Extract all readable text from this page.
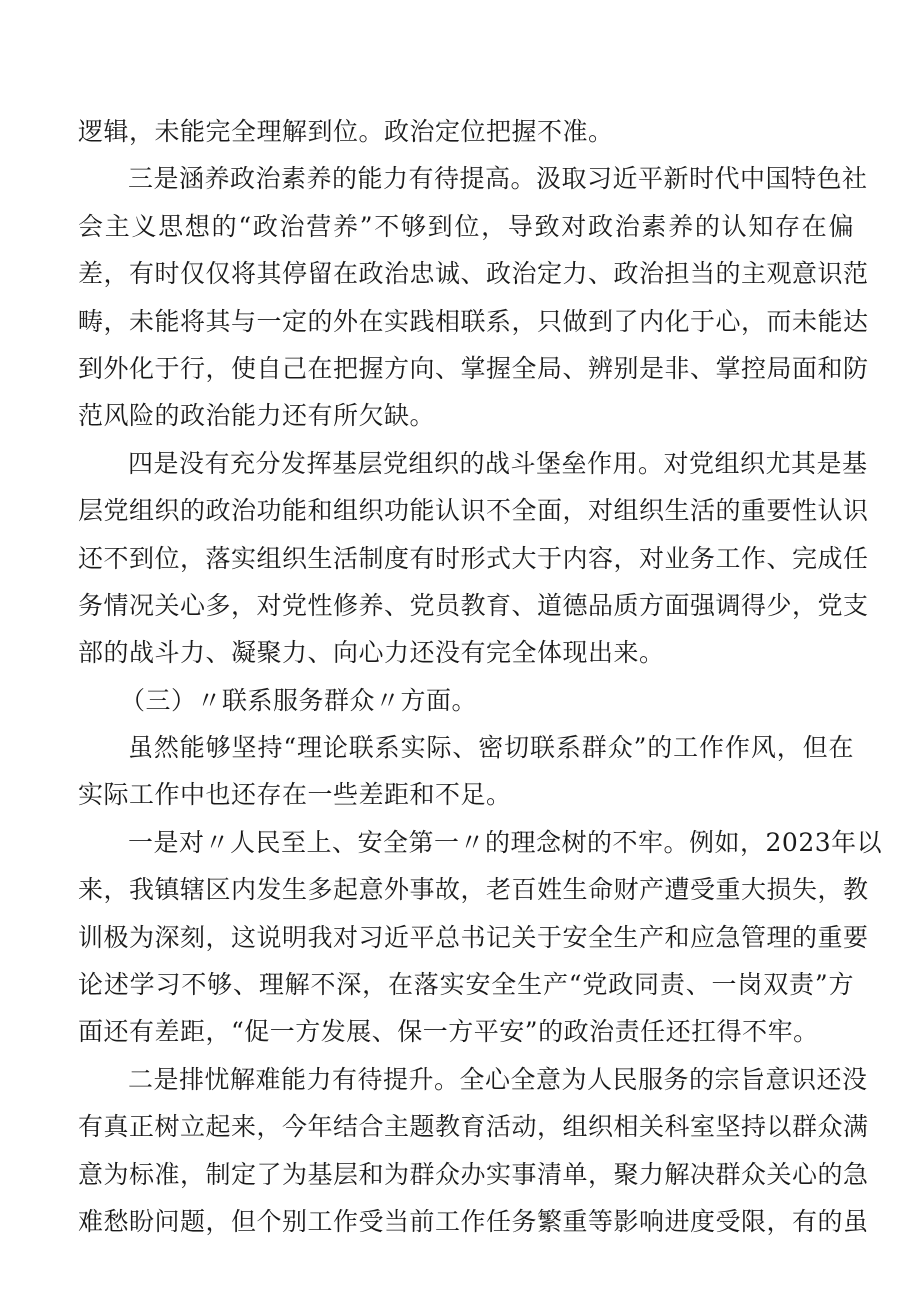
逻辑，未能完全理解到位。政治定位把握不准。
三是涵养政治素养的能力有待提高。汲取习近平新时代中国特色社
会主义思想的“政治营养”不够到位，导致对政治素养的认知存在偏
差，有时仅仅将其停留在政治忠诚、政治定力、政治担当的主观意识范
畴，未能将其与一定的外在实践相联系，只做到了内化于心，而未能达
到外化于行，使自己在把握方向、掌握全局、辨别是非、掌控局面和防
范风险的政治能力还有所欠缺。
四是没有充分发挥基层党组织的战斗堡垒作用。对党组织尤其是基
层党组织的政治功能和组织功能认识不全面，对组织生活的重要性认识
还不到位，落实组织生活制度有时形式大于内容，对业务工作、完成任
务情况关心多，对党性修养、党员教育、道德品质方面强调得少，党支
部的战斗力、凝聚力、向心力还没有完全体现出来。
（三）〃联系服务群众〃方面。
虽然能够坚持“理论联系实际、密切联系群众”的工作作风，但在
实际工作中也还存在一些差距和不足。
一是对〃人民至上、安全第一〃的理念树的不牢。例如，2023年以
来，我镇辖区内发生多起意外事故，老百姓生命财产遭受重大损失，教
训极为深刻，这说明我对习近平总书记关于安全生产和应急管理的重要
论述学习不够、理解不深，在落实安全生产“党政同责、一岗双责”方
面还有差距，“促一方发展、保一方平安”的政治责任还扛得不牢。
二是排忧解难能力有待提升。全心全意为人民服务的宗旨意识还没
有真正树立起来，今年结合主题教育活动，组织相关科室坚持以群众满
意为标准，制定了为基层和为群众办实事清单，聚力解决群众关心的急
难愁盼问题，但个别工作受当前工作任务繁重等影响进度受限，有的虽
